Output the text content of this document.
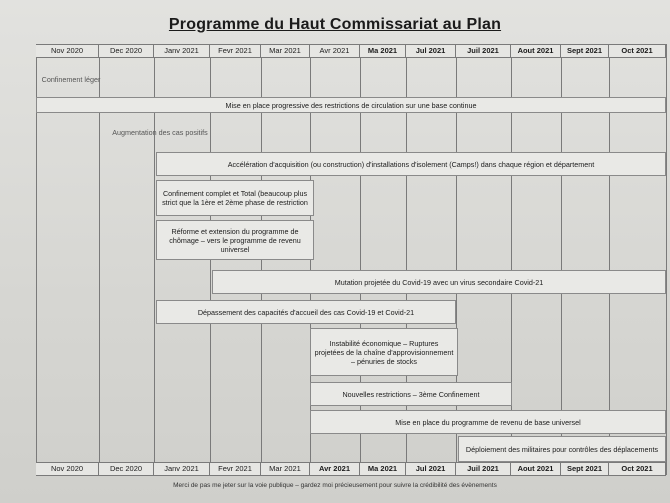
Programme du Haut Commissariat au Plan
Nov 2020	Dec 2020	Janv 2021	Fevr 2021	Mar 2021	Avr 2021	Ma 2021	Jul 2021	Juil 2021	Aout 2021	Sept 2021	Oct 2021
Confinement léger
Mise en place progressive des restrictions de circulation sur une base continue
Augmentation des cas positifs
Accélération d'acquisition (ou construction) d'installations d'isolement (Camps!) dans chaque région et département
Confinement complet et Total (beaucoup plus strict que la 1ère et 2ème phase de restriction
Réforme et extension du programme de chômage – vers le programme de revenu universel
Mutation projetée du Covid-19 avec un virus secondaire Covid-21
Dépassement des capacités d'accueil des cas Covid-19 et Covid-21
Instabilité économique – Ruptures projetées de la chaîne d'approvisionnement – pénuries de stocks
Nouvelles restrictions – 3ème Confinement
Mise en place du programme de revenu de base universel
Déploiement des militaires pour contrôles des déplacements
Nov 2020	Dec 2020	Janv 2021	Fevr 2021	Mar 2021	Avr 2021	Ma 2021	Jul 2021	Juil 2021	Aout 2021	Sept 2021	Oct 2021
Merci de pas me jeter sur la voie publique – gardez moi précieusement pour suivre la crédibilité des évènements
